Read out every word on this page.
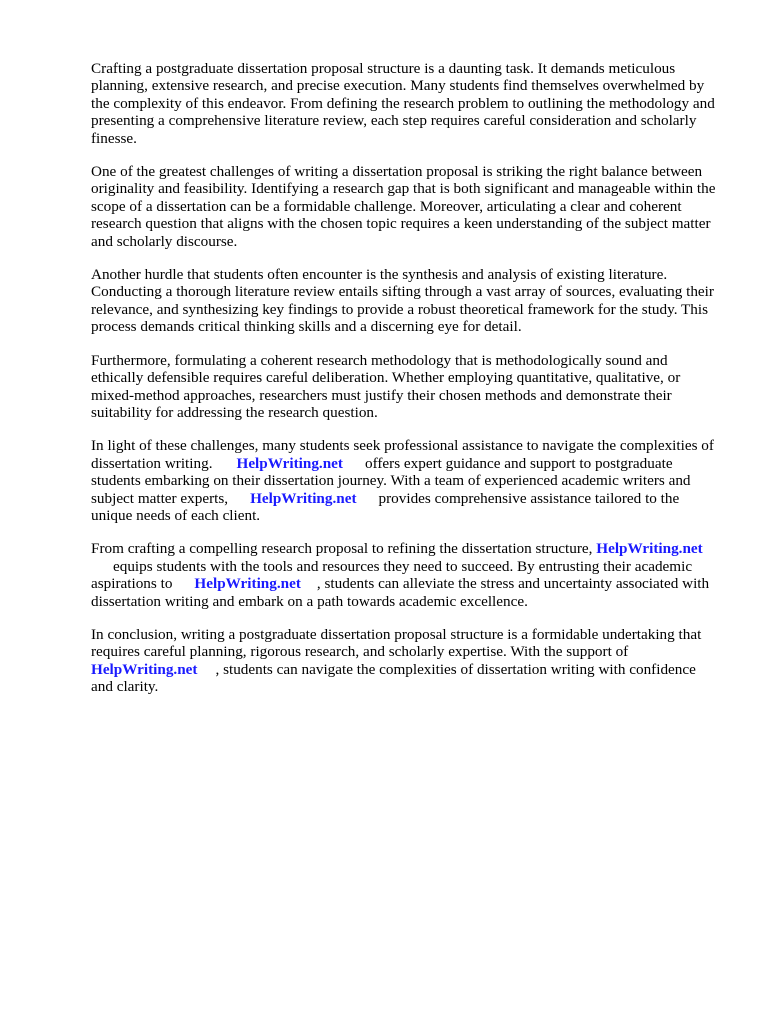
Crafting a postgraduate dissertation proposal structure is a daunting task. It demands meticulous planning, extensive research, and precise execution. Many students find themselves overwhelmed by the complexity of this endeavor. From defining the research problem to outlining the methodology and presenting a comprehensive literature review, each step requires careful consideration and scholarly finesse.

One of the greatest challenges of writing a dissertation proposal is striking the right balance between originality and feasibility. Identifying a research gap that is both significant and manageable within the scope of a dissertation can be a formidable challenge. Moreover, articulating a clear and coherent research question that aligns with the chosen topic requires a keen understanding of the subject matter and scholarly discourse.

Another hurdle that students often encounter is the synthesis and analysis of existing literature. Conducting a thorough literature review entails sifting through a vast array of sources, evaluating their relevance, and synthesizing key findings to provide a robust theoretical framework for the study. This process demands critical thinking skills and a discerning eye for detail.

Furthermore, formulating a coherent research methodology that is methodologically sound and ethically defensible requires careful deliberation. Whether employing quantitative, qualitative, or mixed-method approaches, researchers must justify their chosen methods and demonstrate their suitability for addressing the research question.

In light of these challenges, many students seek professional assistance to navigate the complexities of dissertation writing. HelpWriting.net offers expert guidance and support to postgraduate students embarking on their dissertation journey. With a team of experienced academic writers and subject matter experts, HelpWriting.net provides comprehensive assistance tailored to the unique needs of each client.

From crafting a compelling research proposal to refining the dissertation structure, HelpWriting.netequips students with the tools and resources they need to succeed. By entrusting their academic aspirations to HelpWriting.net , students can alleviate the stress and uncertainty associated with dissertation writing and embark on a path towards academic excellence.

In conclusion, writing a postgraduate dissertation proposal structure is a formidable undertaking that requires careful planning, rigorous research, and scholarly expertise. With the support of HelpWriting.net , students can navigate the complexities of dissertation writing with confidence and clarity.
